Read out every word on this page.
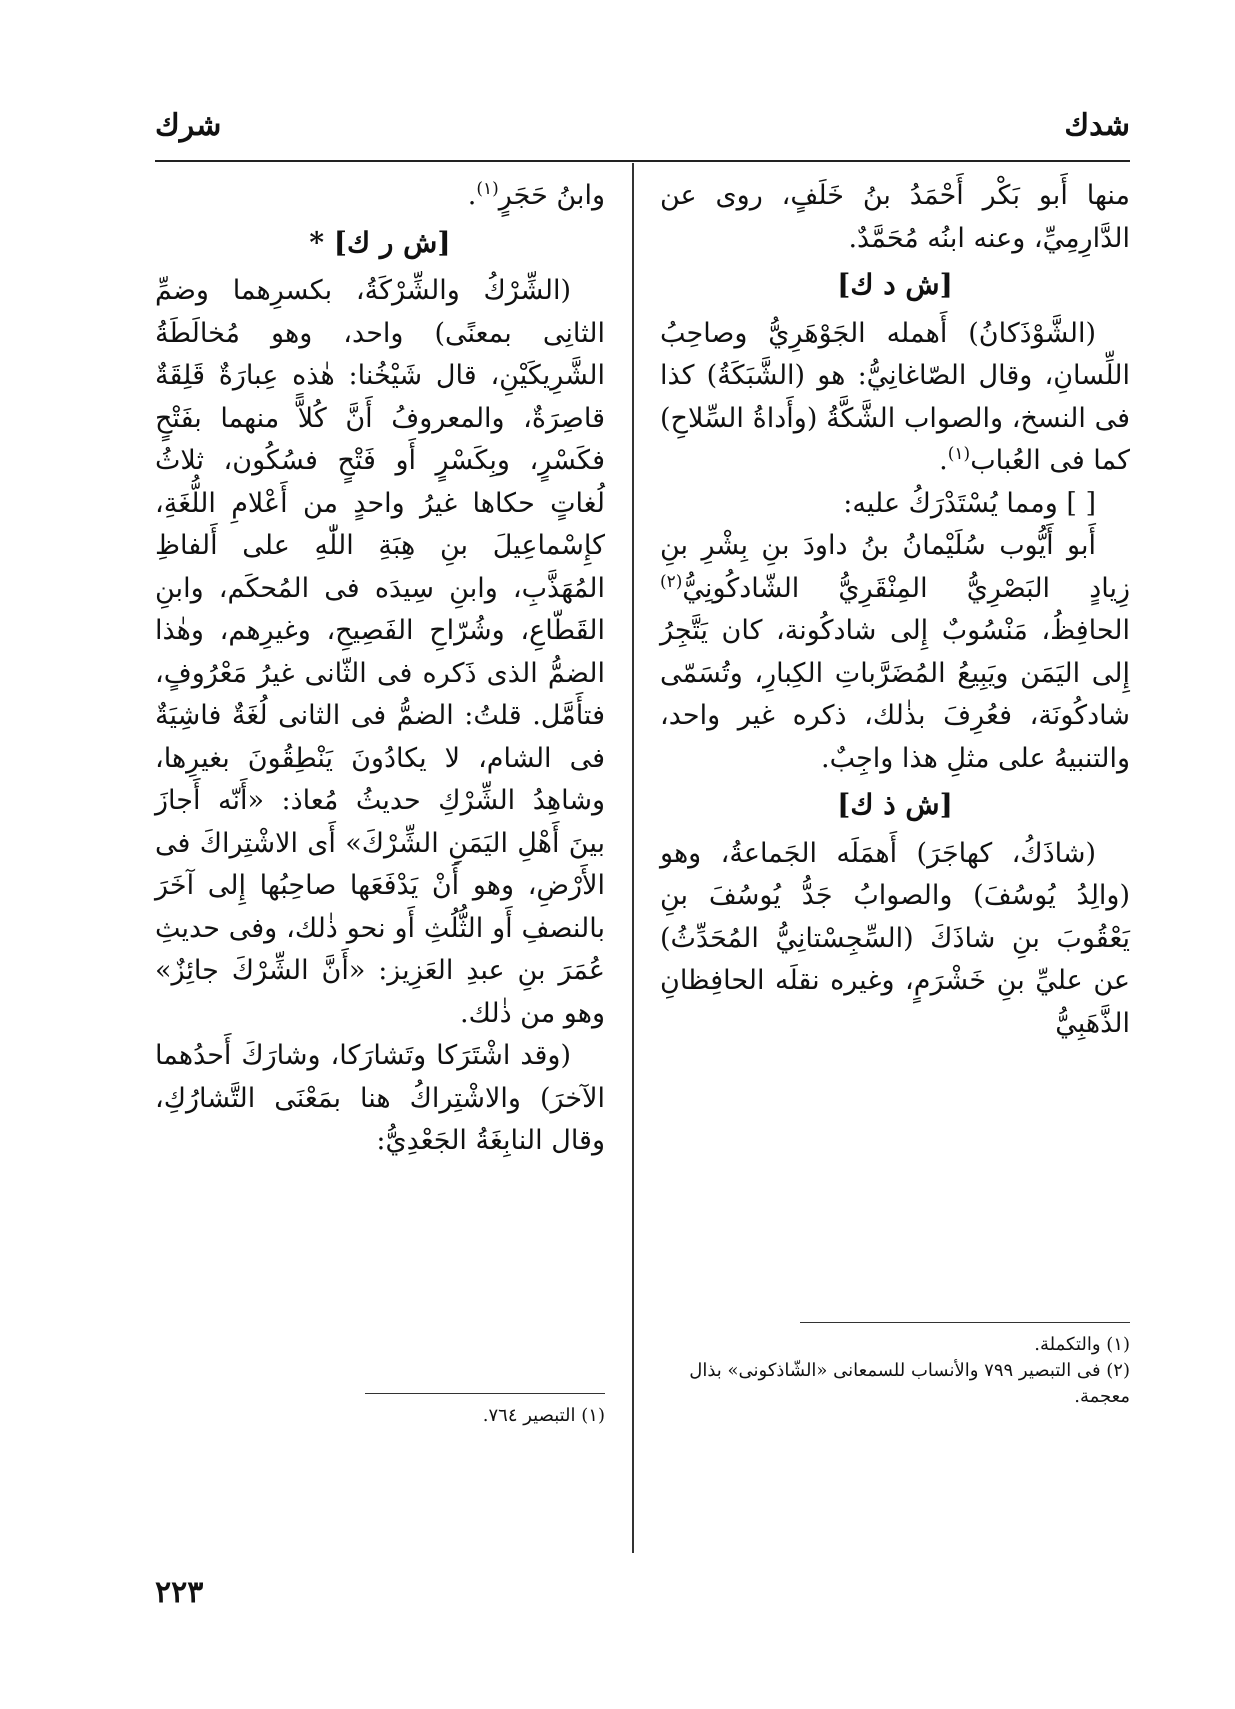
شدك
شرك

منها أَبو بَكْر أَحْمَدُ بنُ خَلَفٍ، روى عن الدَّارِمِيِّ، وعنه ابنُه مُحَمَّدٌ.

[ش د ك]

(الشَّوْذَكانُ) أَهمله الجَوْهَرِيُّ وصاحِبُ اللِّسانِ، وقال الصّاغانِيُّ: هو (الشَّبَكَةُ) كذا فى النسخ، والصواب الشَّكَّةُ (وأَداةُ السِّلاحِ) كما فى العُباب$^{(١)}$.

[ ] ومما يُسْتَدْرَكُ عليه:

أَبو أَيُّوب سُلَيْمانُ بنُ داودَ بنِ بِشْرِ بنِ زِيادٍ البَصْرِيُّ المِنْقَرِيُّ الشّادكُونِيُّ$^{(٢)}$ الحافِظُ، مَنْسُوبٌ إِلى شادكُونة، كان يَتَّجِرُ إِلى اليَمَن ويَبِيعُ المُضَرَّباتِ الكِبارِ، وتُسَمّى شادكُونَة، فعُرِفَ بذٰلك، ذكره غير واحد، والتنبيهُ على مثلِ هذا واجِبٌ.

[ش ذ ك]

(شاذَكُ، كهاجَرَ) أَهمَلَه الجَماعةُ، وهو (والِدُ يُوسُفَ) والصوابُ جَدُّ يُوسُفَ بنِ يَعْقُوبَ بنِ شاذَكَ (السِّجِسْتانِيُّ المُحَدِّثُ) عن عليِّ بنِ خَشْرَمٍ، وغيره نقلَه الحافِظانِ الذَّهَبِيُّ

(١) والتكملة.

(٢) فى التبصير ٧٩٩ والأنساب للسمعانى «الشّاذكونى» بذال معجمة.

وابنُ حَجَرٍ$^{(١)}$.

[ش ر ك] *

(الشِّرْكُ والشِّرْكَةُ، بكسرِهما وضمِّ الثانِى بمعنًى) واحد، وهو مُخالَطَةُ الشَّرِيكَيْنِ، قال شَيْخُنا: هٰذه عِبارَةٌ قَلِقَةٌ قاصِرَةٌ، والمعروفُ أَنَّ كُلاًّ منهما بفَتْحٍ فكَسْرٍ، وبِكَسْرٍ أَو فَتْحٍ فسُكُون، ثلاثُ لُغاتٍ حكاها غيرُ واحدٍ من أَعْلامِ اللُّغَةِ، كإِسْماعِيلَ بنِ هِبَةِ اللّٰهِ على أَلفاظِ المُهَذَّبِ، وابنِ سِيدَه فى المُحكَم، وابنِ القَطّاعِ، وشُرّاحِ الفَصِيحِ، وغيرِهم، وهٰذا الضمُّ الذى ذَكره فى الثّانى غيرُ مَعْرُوفٍ، فتأَمَّل. قلتُ: الضمُّ فى الثانى لُغَةٌ فاشِيَةٌ فى الشام، لا يكادُونَ يَنْطِقُونَ بغيرِها، وشاهِدُ الشِّرْكِ حديثُ مُعاذ: «أَنّه أَجازَ بينَ أَهْلِ اليَمَنِ الشِّرْكَ» أَى الاشْتِراكَ فى الأَرْضِ، وهو أَنْ يَدْفَعَها صاحِبُها إِلى آخَرَ بالنصفِ أَو الثُّلُثِ أَو نحو ذٰلك، وفى حديثِ عُمَرَ بنِ عبدِ العَزِيز: «أَنَّ الشِّرْكَ جائِزٌ» وهو من ذٰلك.

(وقد اشْتَرَكا وتَشارَكا، وشارَكَ أَحدُهما الآخرَ) والاشْتِراكُ هنا بمَعْنَى التَّشارُكِ، وقال النابِغَةُ الجَعْدِيُّ:

(١) التبصير ٧٦٤.

٢٢٣
